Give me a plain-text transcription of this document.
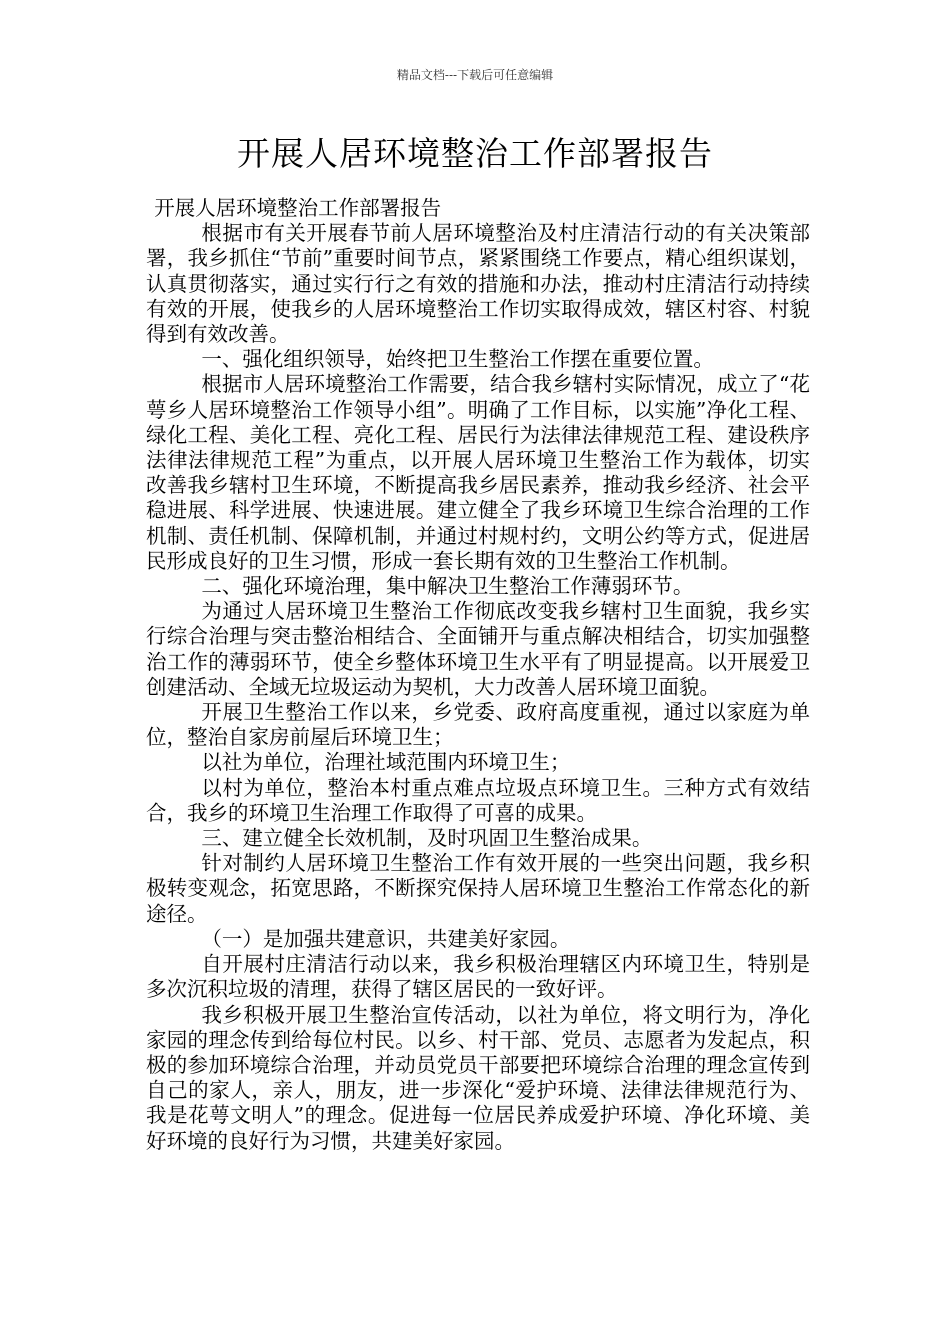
精品文档---下载后可任意编辑
开展人居环境整治工作部署报告

开展人居环境整治工作部署报告

根据市有关开展春节前人居环境整治及村庄清洁行动的有关决策部署，我乡抓住“节前”重要时间节点，紧紧围绕工作要点，精心组织谋划，认真贯彻落实，通过实行行之有效的措施和办法，推动村庄清洁行动持续有效的开展，使我乡的人居环境整治工作切实取得成效，辖区村容、村貌得到有效改善。

一、强化组织领导，始终把卫生整治工作摆在重要位置。

根据市人居环境整治工作需要，结合我乡辖村实际情况，成立了“花萼乡人居环境整治工作领导小组”。明确了工作目标，以实施”净化工程、绿化工程、美化工程、亮化工程、居民行为法律法律规范工程、建设秩序法律法律规范工程”为重点，以开展人居环境卫生整治工作为载体，切实改善我乡辖村卫生环境，不断提高我乡居民素养，推动我乡经济、社会平稳进展、科学进展、快速进展。建立健全了我乡环境卫生综合治理的工作机制、责任机制、保障机制，并通过村规村约，文明公约等方式，促进居民形成良好的卫生习惯，形成一套长期有效的卫生整治工作机制。

二、强化环境治理，集中解决卫生整治工作薄弱环节。

为通过人居环境卫生整治工作彻底改变我乡辖村卫生面貌，我乡实行综合治理与突击整治相结合、全面铺开与重点解决相结合，切实加强整治工作的薄弱环节，使全乡整体环境卫生水平有了明显提高。以开展爱卫创建活动、全域无垃圾运动为契机，大力改善人居环境卫面貌。

开展卫生整治工作以来，乡党委、政府高度重视，通过以家庭为单位，整治自家房前屋后环境卫生；

以社为单位，治理社域范围内环境卫生；

以村为单位，整治本村重点难点垃圾点环境卫生。三种方式有效结合，我乡的环境卫生治理工作取得了可喜的成果。

三、建立健全长效机制，及时巩固卫生整治成果。

针对制约人居环境卫生整治工作有效开展的一些突出问题，我乡积极转变观念，拓宽思路，不断探究保持人居环境卫生整治工作常态化的新途径。

（一）是加强共建意识，共建美好家园。

自开展村庄清洁行动以来，我乡积极治理辖区内环境卫生，特别是多次沉积垃圾的清理，获得了辖区居民的一致好评。

我乡积极开展卫生整治宣传活动，以社为单位，将文明行为，净化家园的理念传到给每位村民。以乡、村干部、党员、志愿者为发起点，积极的参加环境综合治理，并动员党员干部要把环境综合治理的理念宣传到自己的家人，亲人，朋友，进一步深化“爱护环境、法律法律规范行为、我是花萼文明人”的理念。促进每一位居民养成爱护环境、净化环境、美好环境的良好行为习惯，共建美好家园。
